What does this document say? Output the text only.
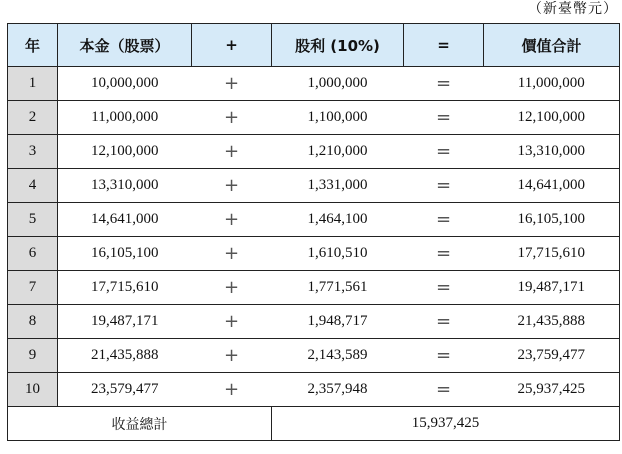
（新臺幣元）
年	本金（股票）	+	股利 (10%)	=	價值合計
1	10,000,000	+	1,000,000	=	11,000,000
2	11,000,000	+	1,100,000	=	12,100,000
3	12,100,000	+	1,210,000	=	13,310,000
4	13,310,000	+	1,331,000	=	14,641,000
5	14,641,000	+	1,464,100	=	16,105,100
6	16,105,100	+	1,610,510	=	17,715,610
7	17,715,610	+	1,771,561	=	19,487,171
8	19,487,171	+	1,948,717	=	21,435,888
9	21,435,888	+	2,143,589	=	23,759,477
10	23,579,477	+	2,357,948	=	25,937,425
收益總計			15,937,425		
